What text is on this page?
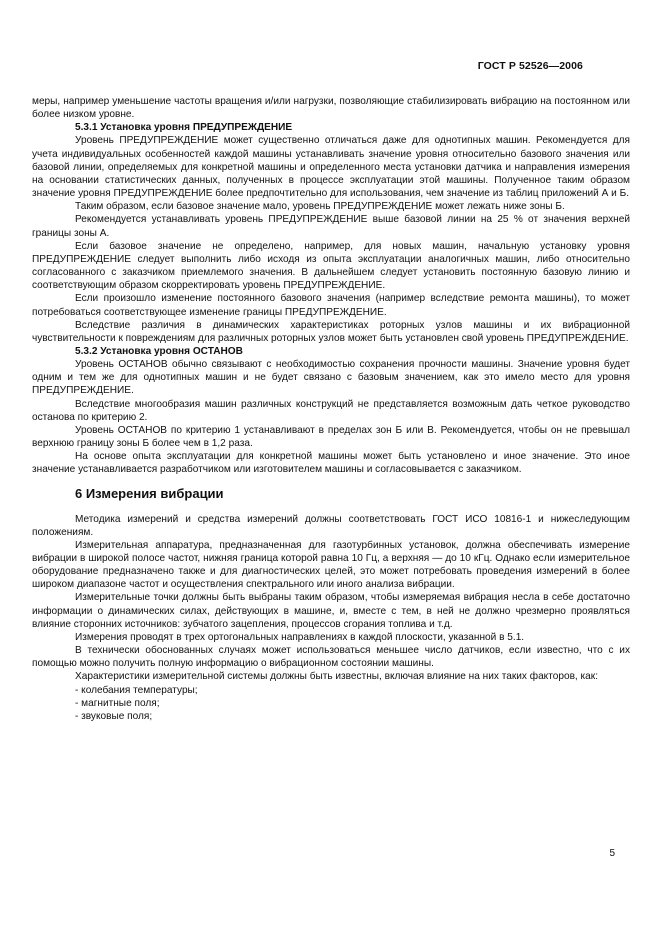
ГОСТ Р 52526—2006

меры, например уменьшение частоты вращения и/или нагрузки, позволяющие стабилизировать вибрацию на постоянном или более низком уровне.

5.3.1 Установка уровня ПРЕДУПРЕЖДЕНИЕ

Уровень ПРЕДУПРЕЖДЕНИЕ может существенно отличаться даже для однотипных машин. Рекомендуется для учета индивидуальных особенностей каждой машины устанавливать значение уровня относительно базового значения или базовой линии, определяемых для конкретной машины и определенного места установки датчика и направления измерения на основании статистических данных, полученных в процессе эксплуатации этой машины. Полученное таким образом значение уровня ПРЕДУПРЕЖДЕНИЕ более предпочтительно для использования, чем значение из таблиц приложений А и Б.

Таким образом, если базовое значение мало, уровень ПРЕДУПРЕЖДЕНИЕ может лежать ниже зоны Б.

Рекомендуется устанавливать уровень ПРЕДУПРЕЖДЕНИЕ выше базовой линии на 25 % от значения верхней границы зоны А.

Если базовое значение не определено, например, для новых машин, начальную установку уровня ПРЕДУПРЕЖДЕНИЕ следует выполнить либо исходя из опыта эксплуатации аналогичных машин, либо относительно согласованного с заказчиком приемлемого значения. В дальнейшем следует установить постоянную базовую линию и соответствующим образом скорректировать уровень ПРЕДУПРЕЖДЕНИЕ.

Если произошло изменение постоянного базового значения (например вследствие ремонта машины), то может потребоваться соответствующее изменение границы ПРЕДУПРЕЖДЕНИЕ.

Вследствие различия в динамических характеристиках роторных узлов машины и их вибрационной чувствительности к повреждениям для различных роторных узлов может быть установлен свой уровень ПРЕДУПРЕЖДЕНИЕ.

5.3.2 Установка уровня ОСТАНОВ

Уровень ОСТАНОВ обычно связывают с необходимостью сохранения прочности машины. Значение уровня будет одним и тем же для однотипных машин и не будет связано с базовым значением, как это имело место для уровня ПРЕДУПРЕЖДЕНИЕ.

Вследствие многообразия машин различных конструкций не представляется возможным дать четкое руководство останова по критерию 2.

Уровень ОСТАНОВ по критерию 1 устанавливают в пределах зон Б или В. Рекомендуется, чтобы он не превышал верхнюю границу зоны Б более чем в 1,2 раза.

На основе опыта эксплуатации для конкретной машины может быть установлено и иное значение. Это иное значение устанавливается разработчиком или изготовителем машины и согласовывается с заказчиком.

6 Измерения вибрации

Методика измерений и средства измерений должны соответствовать ГОСТ ИСО 10816-1 и нижеследующим положениям.

Измерительная аппаратура, предназначенная для газотурбинных установок, должна обеспечивать измерение вибрации в широкой полосе частот, нижняя граница которой равна 10 Гц, а верхняя — до 10 кГц. Однако если измерительное оборудование предназначено также и для диагностических целей, это может потребовать проведения измерений в более широком диапазоне частот и осуществления спектрального или иного анализа вибрации.

Измерительные точки должны быть выбраны таким образом, чтобы измеряемая вибрация несла в себе достаточно информации о динамических силах, действующих в машине, и, вместе с тем, в ней не должно чрезмерно проявляться влияние сторонних источников: зубчатого зацепления, процессов сгорания топлива и т.д.

Измерения проводят в трех ортогональных направлениях в каждой плоскости, указанной в 5.1.

В технически обоснованных случаях может использоваться меньшее число датчиков, если известно, что с их помощью можно получить полную информацию о вибрационном состоянии машины.

Характеристики измерительной системы должны быть известны, включая влияние на них таких факторов, как:

- колебания температуры;
- магнитные поля;
- звуковые поля;
5
